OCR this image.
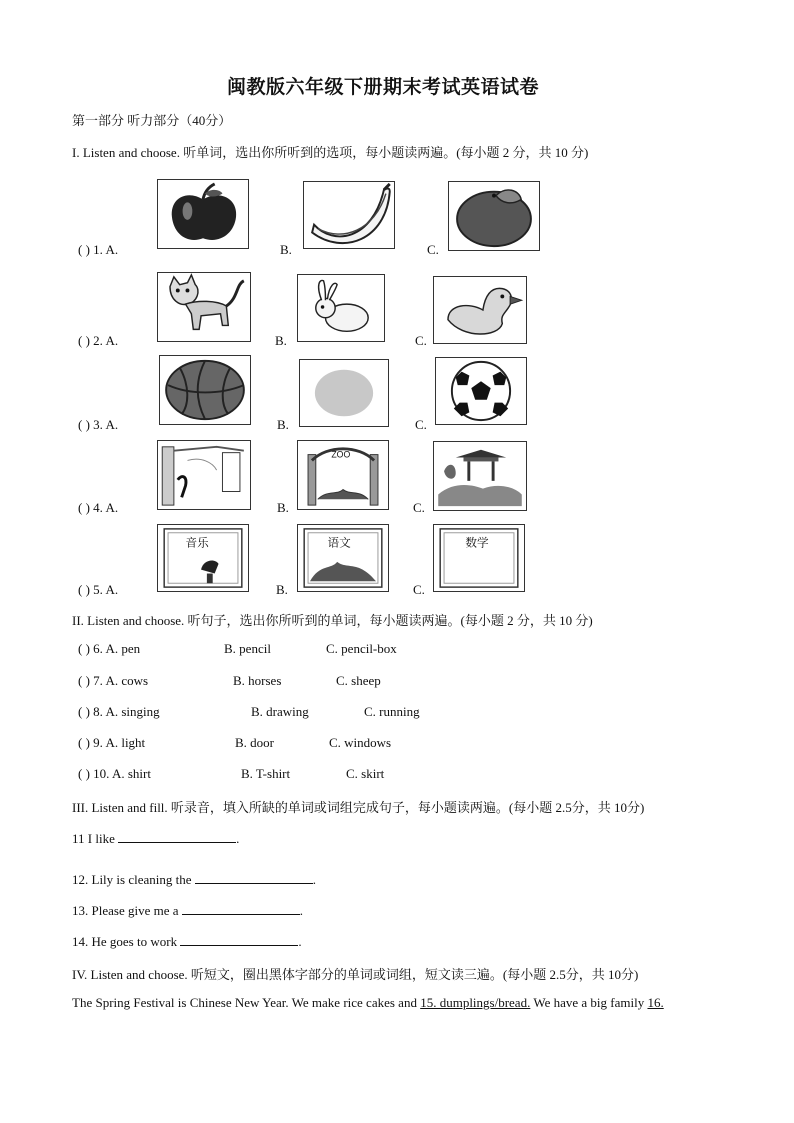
闽教版六年级下册期末考试英语试卷
第一部分 听力部分（40分）
I. Listen and choose. 听单词，选出你所听到的选项，每小题读两遍。(每小题 2 分，共 10 分)
( ) 1. A.	B.	C.
( ) 2. A.	B.	C.
( ) 3. A.	B.	C.
ZOO
( ) 4. A.	B.	C.
音乐	语文	数学
( ) 5. A.	B.	C.
II. Listen and choose. 听句子，选出你所听到的单词，每小题读两遍。(每小题 2 分，共 10 分)
( ) 6. A. pen	B. pencil	C. pencil-box
( ) 7. A. cows	B. horses	C. sheep
( ) 8. A. singing	B. drawing	C. running
( ) 9. A. light	B. door	C. windows
( ) 10. A. shirt	B. T-shirt	C. skirt
III. Listen and fill. 听录音，填入所缺的单词或词组完成句子，每小题读两遍。(每小题 2.5分，共 10分)
11 I like	.
12. Lily is cleaning the	.
13. Please give me a	.
14. He goes to work	.
IV. Listen and choose. 听短文，圈出黑体字部分的单词或词组，短文读三遍。(每小题 2.5分，共 10分)
The Spring Festival is Chinese New Year. We make rice cakes and 15. dumplings/bread. We have a big family 16.
